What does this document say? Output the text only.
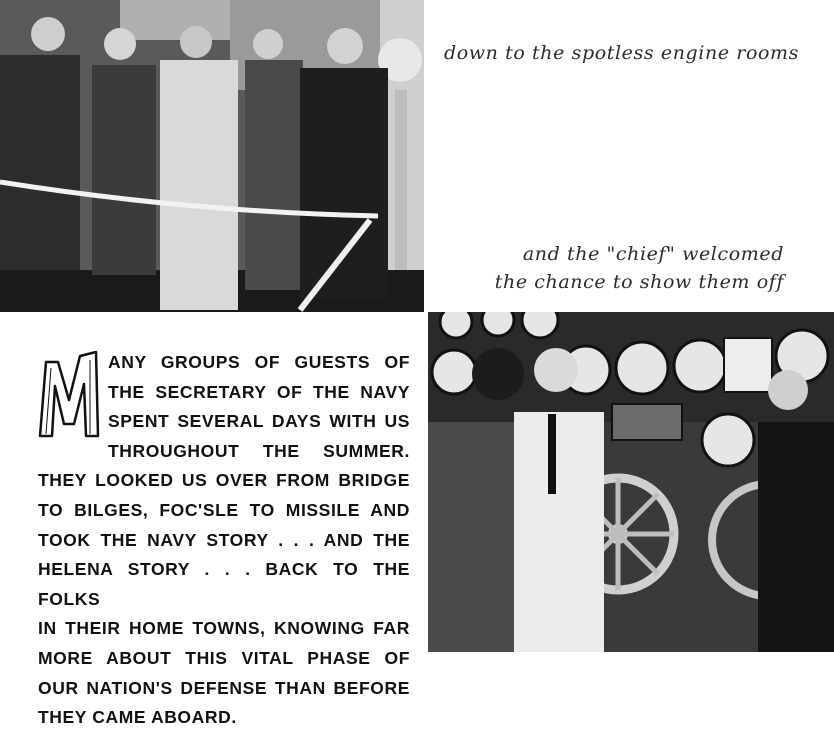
down to the spotless engine rooms
and the "chief" welcomed
the chance to show them off
ANY GROUPS OF GUESTS OF
THE SECRETARY OF THE NAVY
SPENT SEVERAL DAYS WITH US
THROUGHOUT THE SUMMER.
THEY LOOKED US OVER FROM BRIDGE
TO BILGES, FOC'SLE TO MISSILE AND
TOOK THE NAVY STORY . . . AND THE
HELENA STORY . . . BACK TO THE FOLKS
IN THEIR HOME TOWNS, KNOWING FAR
MORE ABOUT THIS VITAL PHASE OF
OUR NATION'S DEFENSE THAN BEFORE
THEY CAME ABOARD.
